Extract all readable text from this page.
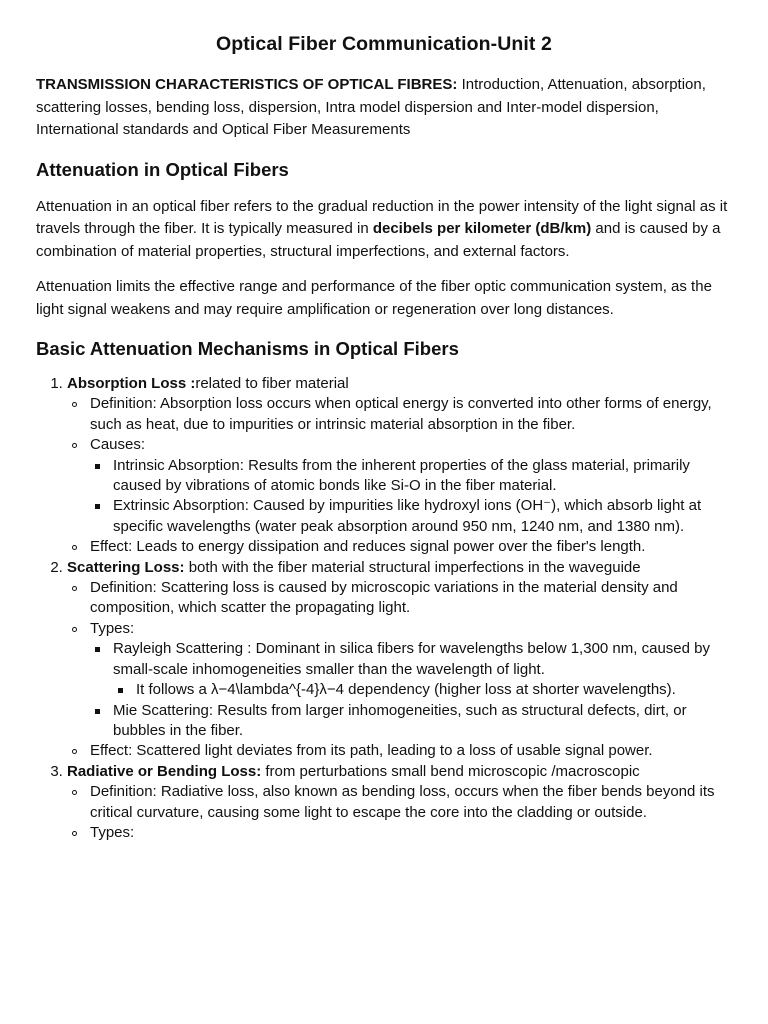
Optical Fiber Communication-Unit 2

TRANSMISSION CHARACTERISTICS OF OPTICAL FIBRES: Introduction, Attenuation, absorption, scattering losses, bending loss, dispersion, Intra model dispersion and Inter-model dispersion, International standards and Optical Fiber Measurements

Attenuation in Optical Fibers

Attenuation in an optical fiber refers to the gradual reduction in the power intensity of the light signal as it travels through the fiber. It is typically measured in decibels per kilometer (dB/km) and is caused by a combination of material properties, structural imperfections, and external factors.

Attenuation limits the effective range and performance of the fiber optic communication system, as the light signal weakens and may require amplification or regeneration over long distances.

Basic Attenuation Mechanisms in Optical Fibers
1. Absorption Loss :related to fiber material
Definition: Absorption loss occurs when optical energy is converted into other forms of energy, such as heat, due to impurities or intrinsic material absorption in the fiber.
Causes:
Intrinsic Absorption: Results from the inherent properties of the glass material, primarily caused by vibrations of atomic bonds like Si-O in the fiber material.
Extrinsic Absorption: Caused by impurities like hydroxyl ions (OH⁻), which absorb light at specific wavelengths (water peak absorption around 950 nm, 1240 nm, and 1380 nm).
Effect: Leads to energy dissipation and reduces signal power over the fiber's length.
2. Scattering Loss: both with the fiber material structural imperfections in the waveguide
Definition: Scattering loss is caused by microscopic variations in the material density and composition, which scatter the propagating light.
Types:
Rayleigh Scattering : Dominant in silica fibers for wavelengths below 1,300 nm, caused by small-scale inhomogeneities smaller than the wavelength of light.
It follows a λ−4\lambda^{-4}λ−4 dependency (higher loss at shorter wavelengths).
Mie Scattering: Results from larger inhomogeneities, such as structural defects, dirt, or bubbles in the fiber.
Effect: Scattered light deviates from its path, leading to a loss of usable signal power.
3. Radiative or Bending Loss: from perturbations small bend microscopic /macroscopic
Definition: Radiative loss, also known as bending loss, occurs when the fiber bends beyond its critical curvature, causing some light to escape the core into the cladding or outside.
Types:
